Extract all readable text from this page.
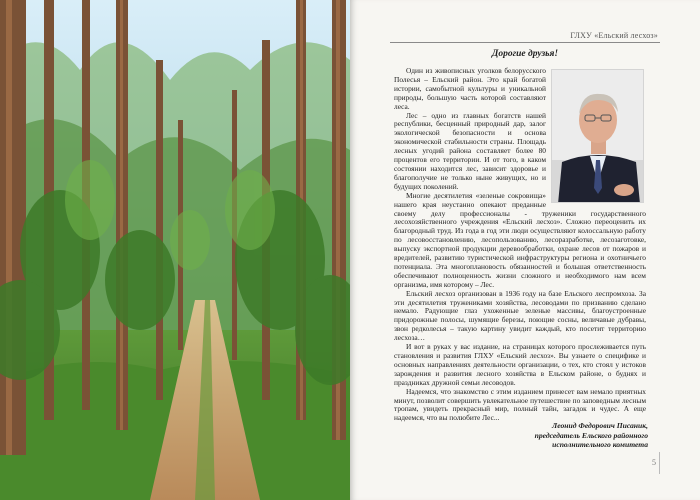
ГЛХУ «Ельский лесхоз»
Дорогие друзья!

Один из живописных уголков белорусского Полесья – Ельский район. Это край богатой истории, самобытной культуры и уникальной природы, большую часть которой составляют леса.

Лес – одно из главных богатств нашей республики, бесценный природный дар, залог экологической безопасности и основа экономической стабильности страны. Площадь лесных угодий района составляет более 80 процентов его территории. И от того, в каком состоянии находится лес, зависит здоровье и благополучие не только ныне живущих, но и будущих поколений.

Многие десятилетия «зеленые сокровища» нашего края неустанно опекают преданные своему делу профессионалы - труженики государственного лесохозяйственного учреждения «Ельский лесхоз». Сложно переоценить их благородный труд. Из года в год эти люди осуществляют колоссальную работу по лесовосстановлению, лесопользованию, лесоразработке, лесозаготовке, выпуску экспортной продукции деревообработки, охране лесов от пожаров и вредителей, развитию туристической инфраструктуры региона и охотничьего потенциала. Эта многоплановость обязанностей и большая ответственность обеспечивают полноценность жизни сложного и необходимого нам всем организма, имя которому – Лес.

Ельский лесхоз организован в 1936 году на базе Ельского леспромхоза. За эти десятилетия тружениками хозяйства, лесоводами по призванию сделано немало. Радующие глаз ухоженные зеленые массивы, благоустроенные придорожные полосы, шумящие березы, поющие сосны, величавые дубравы, звон редколесья – такую картину увидит каждый, кто посетит территорию лесхоза…

И вот в руках у вас издание, на страницах которого прослеживается путь становления и развития ГЛХУ «Ельский лесхоз». Вы узнаете о специфике и основных направлениях деятельности организации, о тех, кто стоял у истоков зарождения и развития лесного хозяйства в Ельском районе, о буднях и праздниках дружной семьи лесоводов.

Надеемся, что знакомство с этим изданием принесет вам немало приятных минут, позволит совершить увлекательное путешествие по заповедным лесным тропам, увидеть прекрасный мир, полный тайн, загадок и чудес. А еще надеемся, что вы полюбите Лес...

Леонид Федорович Писаник,
председатель Ельского районного
исполнительного комитета
5
